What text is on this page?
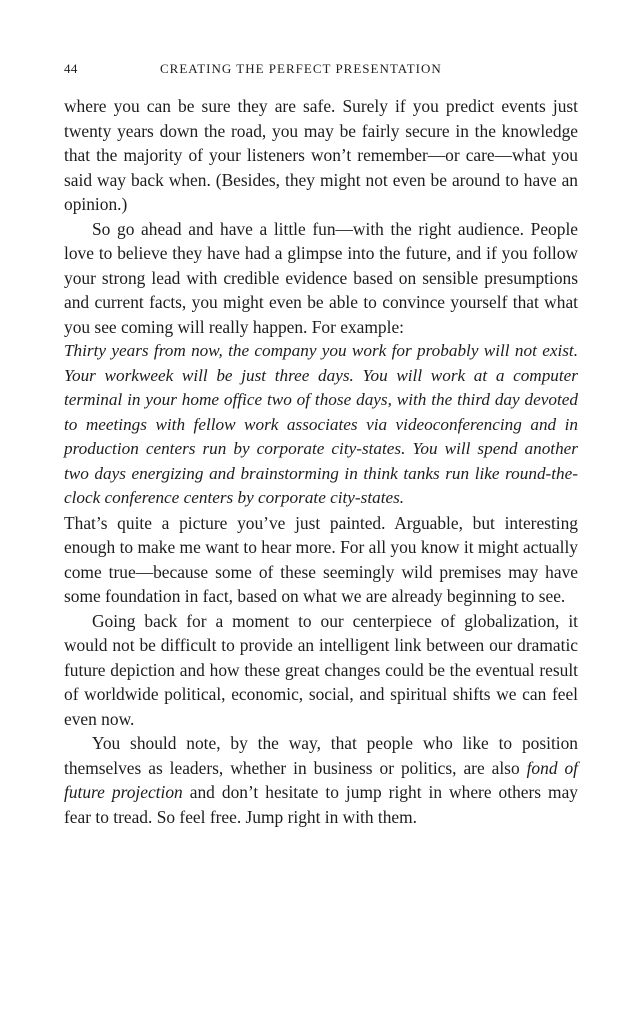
44	CREATING THE PERFECT PRESENTATION

where you can be sure they are safe. Surely if you predict events just twenty years down the road, you may be fairly secure in the knowledge that the majority of your listeners won’t remember—or care—what you said way back when. (Besides, they might not even be around to have an opinion.)

So go ahead and have a little fun—with the right audience. People love to believe they have had a glimpse into the future, and if you follow your strong lead with credible evidence based on sensible presumptions and current facts, you might even be able to convince yourself that what you see coming will really happen. For example:

Thirty years from now, the company you work for probably will not exist. Your workweek will be just three days. You will work at a computer terminal in your home office two of those days, with the third day devoted to meetings with fellow work associates via videoconferencing and in production centers run by corporate city-states. You will spend another two days energizing and brainstorming in think tanks run like round-the-clock conference centers by corporate city-states.

That’s quite a picture you’ve just painted. Arguable, but interesting enough to make me want to hear more. For all you know it might actually come true—because some of these seemingly wild premises may have some foundation in fact, based on what we are already beginning to see.

Going back for a moment to our centerpiece of globalization, it would not be difficult to provide an intelligent link between our dramatic future depiction and how these great changes could be the eventual result of worldwide political, economic, social, and spiritual shifts we can feel even now.

You should note, by the way, that people who like to position themselves as leaders, whether in business or politics, are also fond of future projection and don’t hesitate to jump right in where others may fear to tread. So feel free. Jump right in with them.
